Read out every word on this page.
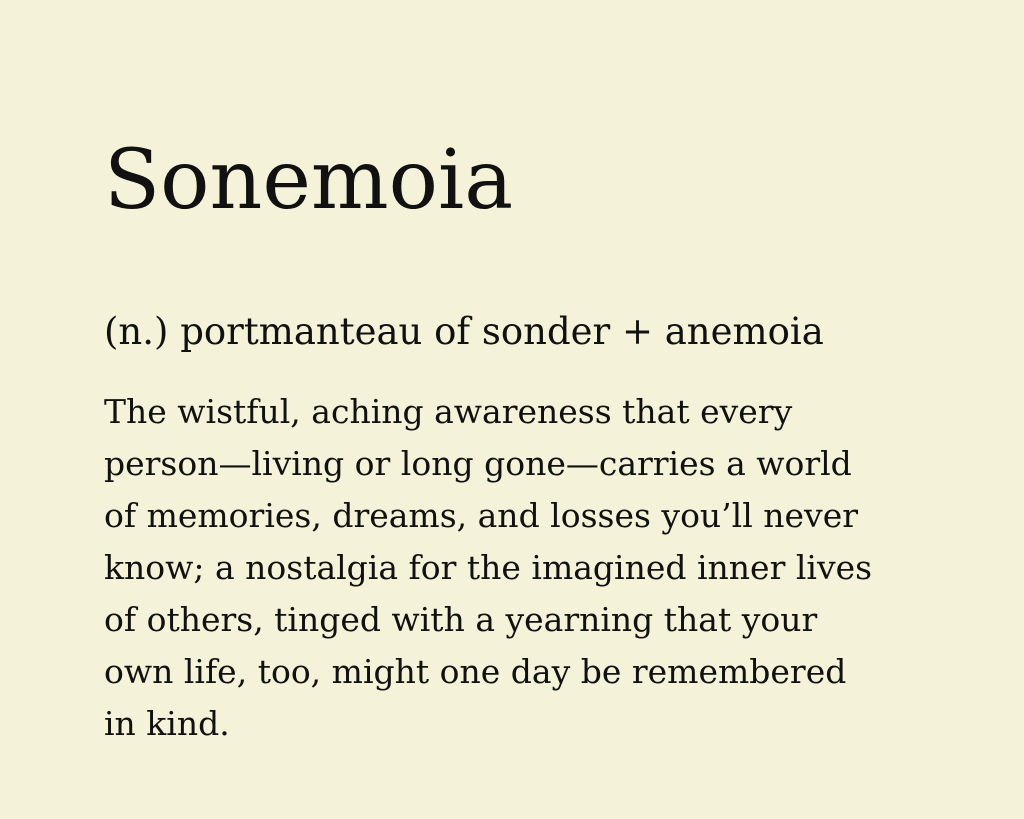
Sonemoia

(n.) portmanteau of sonder + anemoia

The wistful, aching awareness that every
person—living or long gone—carries a world
of memories, dreams, and losses you’ll never
know; a nostalgia for the imagined inner lives
of others, tinged with a yearning that your
own life, too, might one day be remembered
in kind.
